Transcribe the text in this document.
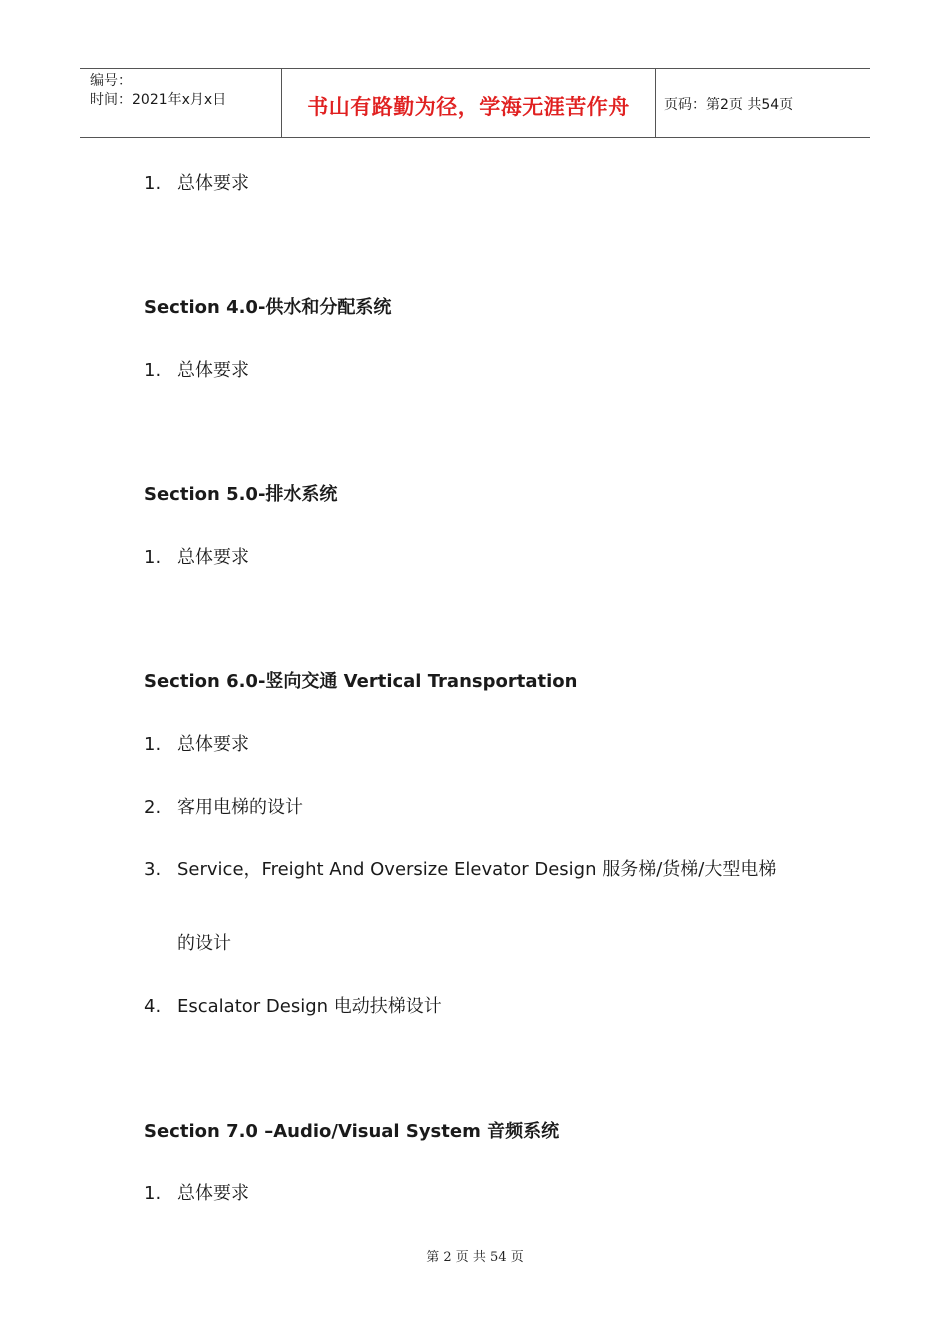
编号：
时间：2021年x月x日	书山有路勤为径，学海无涯苦作舟	页码：第2页 共54页
1. 总体要求
Section 4.0-供水和分配系统
1. 总体要求
Section 5.0-排水系统
1. 总体要求
Section 6.0-竖向交通 Vertical Transportation
1. 总体要求
2. 客用电梯的设计
3. Service，Freight And Oversize Elevator Design 服务梯/货梯/大型电梯
的设计
4. Escalator Design 电动扶梯设计
Section 7.0 –Audio/Visual System 音频系统
1. 总体要求
第 2 页 共 54 页
